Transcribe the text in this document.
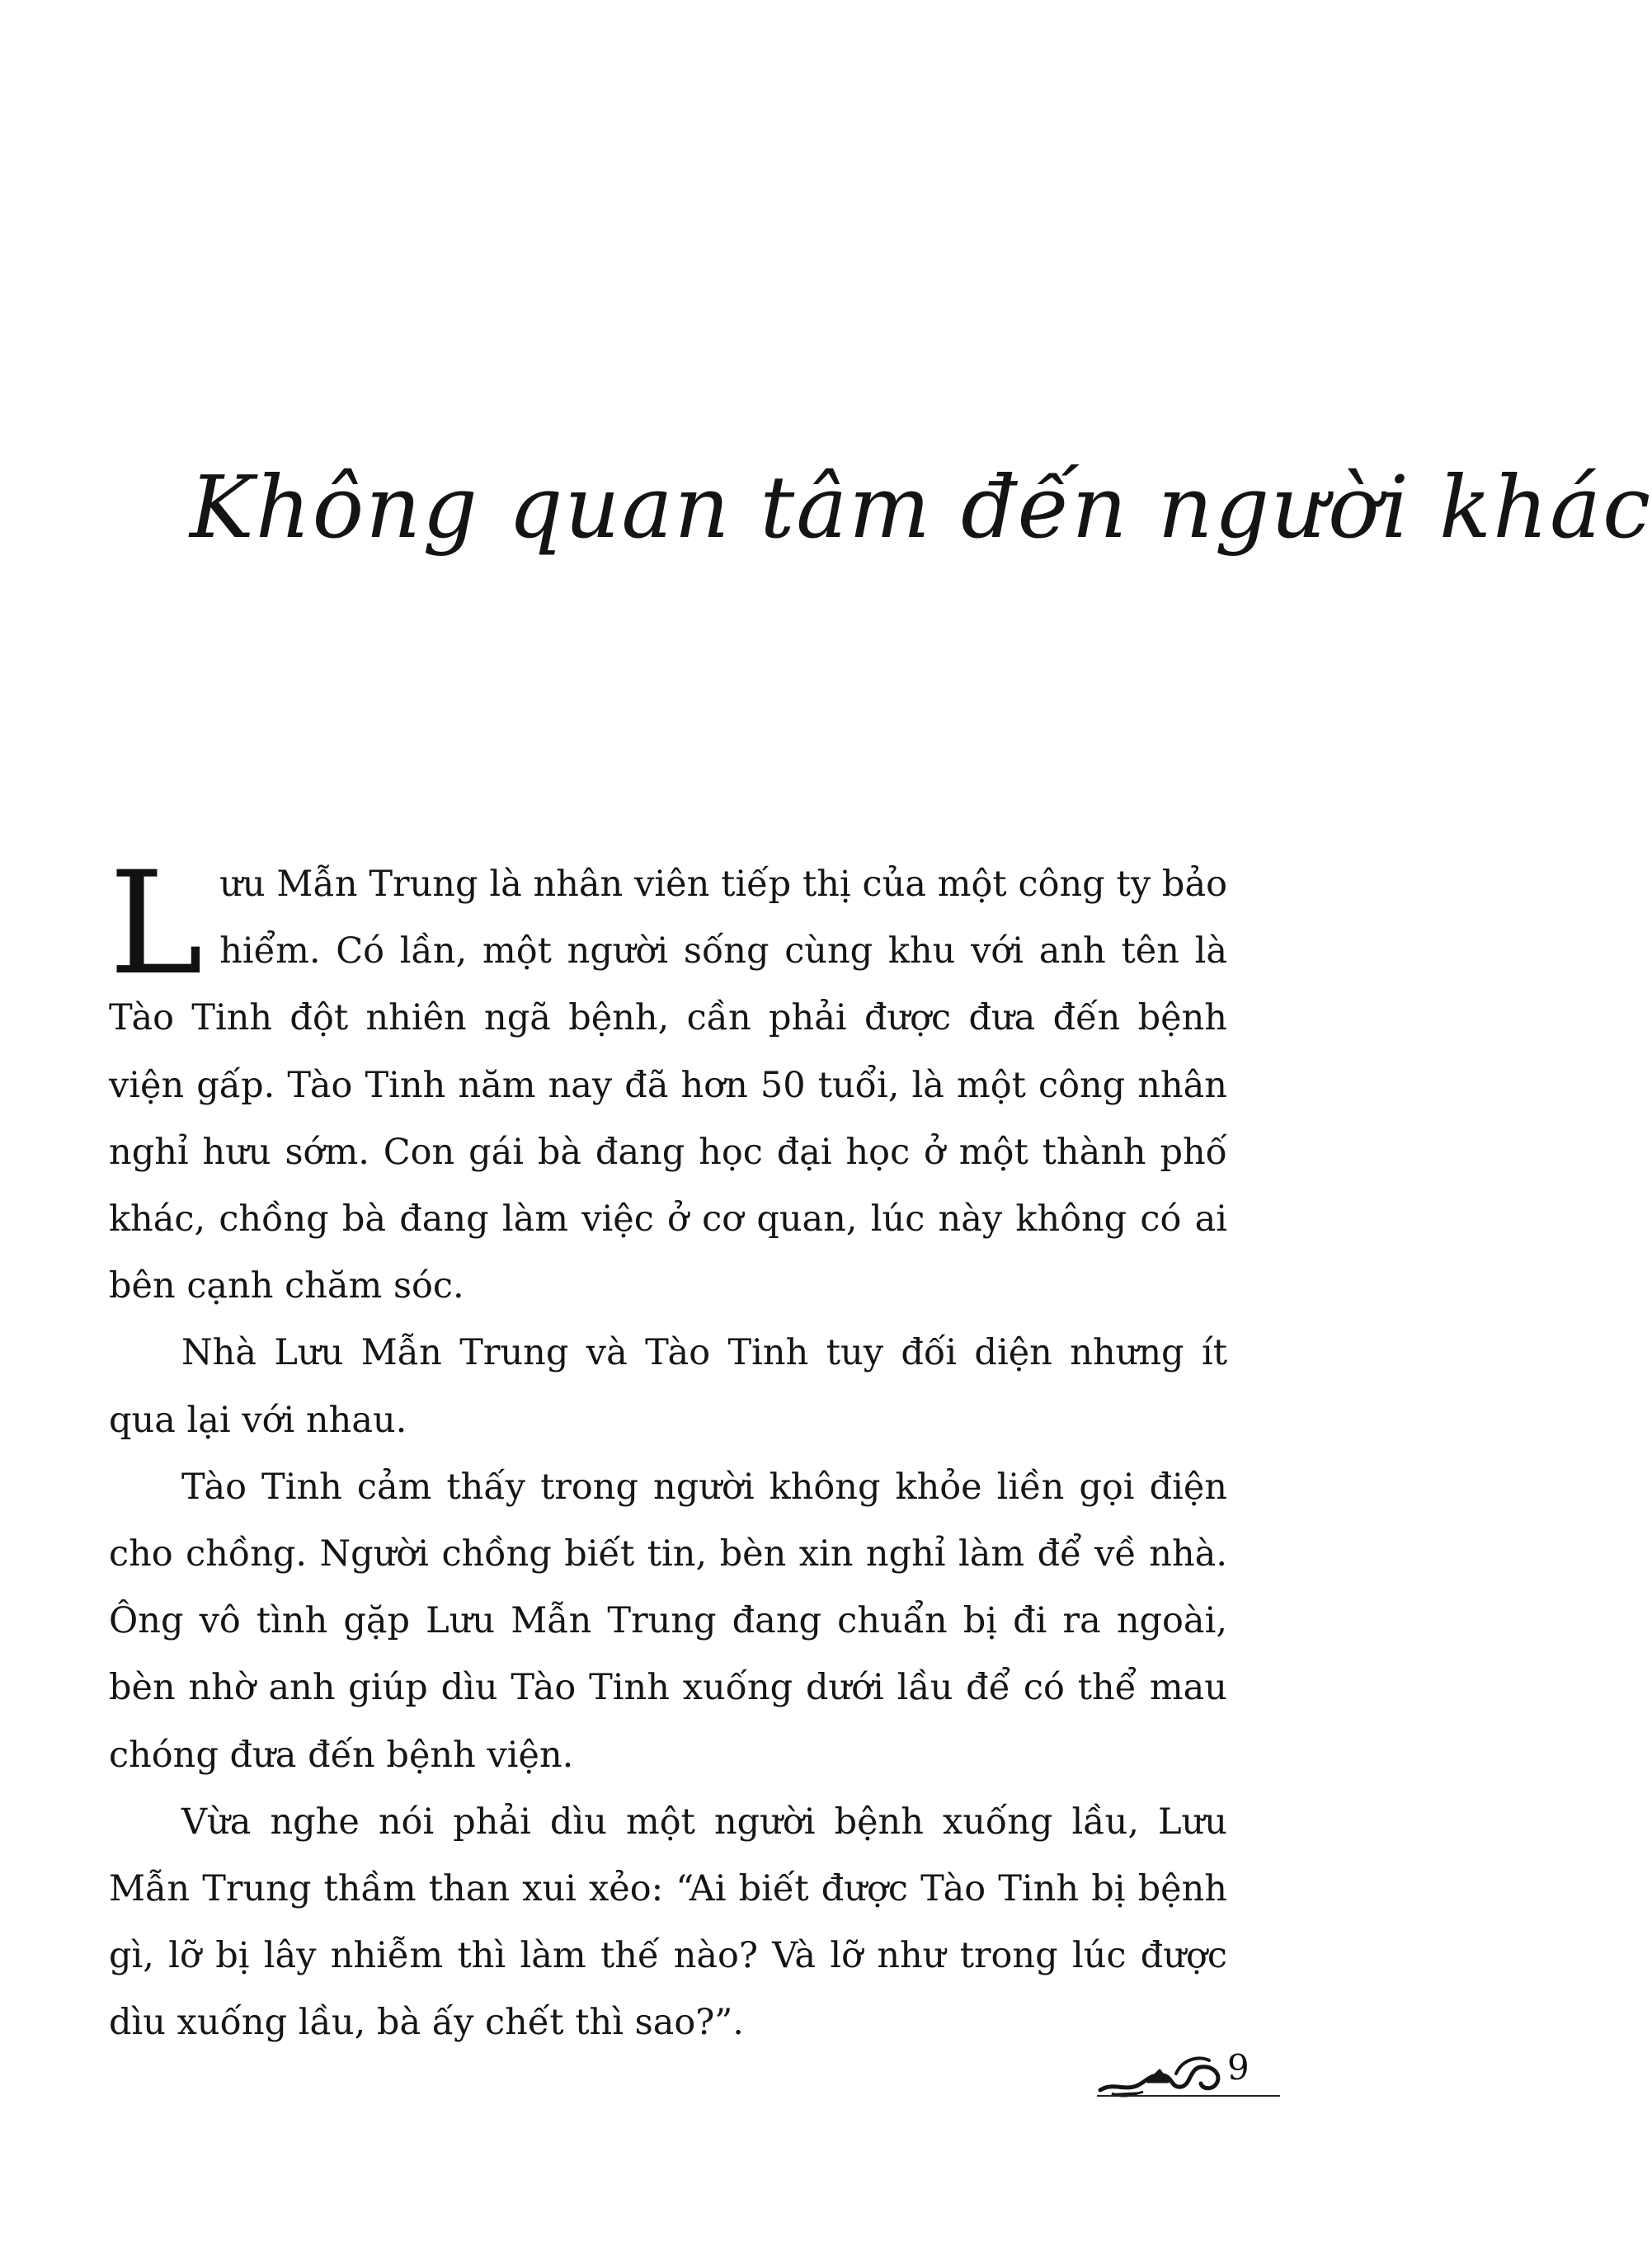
Không quan tâm đến người khác

Lưu Mẫn Trung là nhân viên tiếp thị của một công ty bảo hiểm. Có lần, một người sống cùng khu với anh tên là Tào Tinh đột nhiên ngã bệnh, cần phải được đưa đến bệnh viện gấp. Tào Tinh năm nay đã hơn 50 tuổi, là một công nhân nghỉ hưu sớm. Con gái bà đang học đại học ở một thành phố khác, chồng bà đang làm việc ở cơ quan, lúc này không có ai bên cạnh chăm sóc.

Nhà Lưu Mẫn Trung và Tào Tinh tuy đối diện nhưng ít qua lại với nhau.

Tào Tinh cảm thấy trong người không khỏe liền gọi điện cho chồng. Người chồng biết tin, bèn xin nghỉ làm để về nhà. Ông vô tình gặp Lưu Mẫn Trung đang chuẩn bị đi ra ngoài, bèn nhờ anh giúp dìu Tào Tinh xuống dưới lầu để có thể mau chóng đưa đến bệnh viện.

Vừa nghe nói phải dìu một người bệnh xuống lầu, Lưu Mẫn Trung thầm than xui xẻo: “Ai biết được Tào Tinh bị bệnh gì, lỡ bị lây nhiễm thì làm thế nào? Và lỡ như trong lúc được dìu xuống lầu, bà ấy chết thì sao?”.

9
